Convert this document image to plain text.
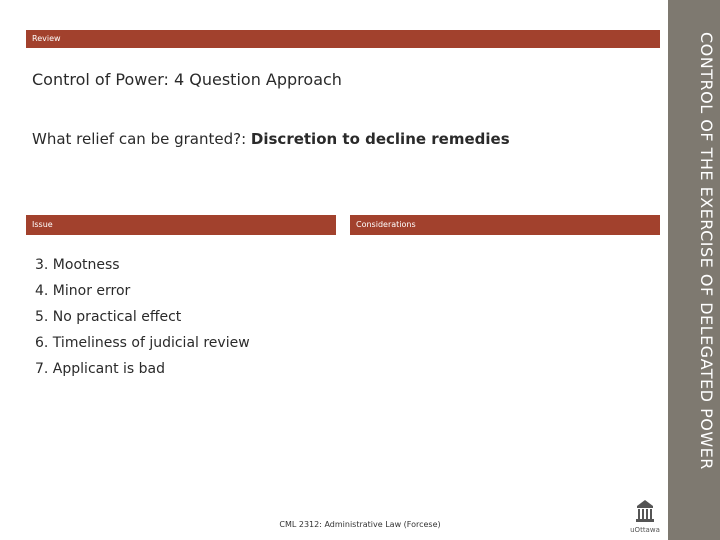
Review
Control of Power: 4 Question Approach
What relief can be granted?: Discretion to decline remedies
Issue	Considerations
3. Mootness
4. Minor error
5. No practical effect
6. Timeliness of judicial review
7. Applicant is bad
CML 2312: Administrative Law (Forcese)
uOttawa
CONTROL OF THE EXERCISE OF DELEGATED POWER
